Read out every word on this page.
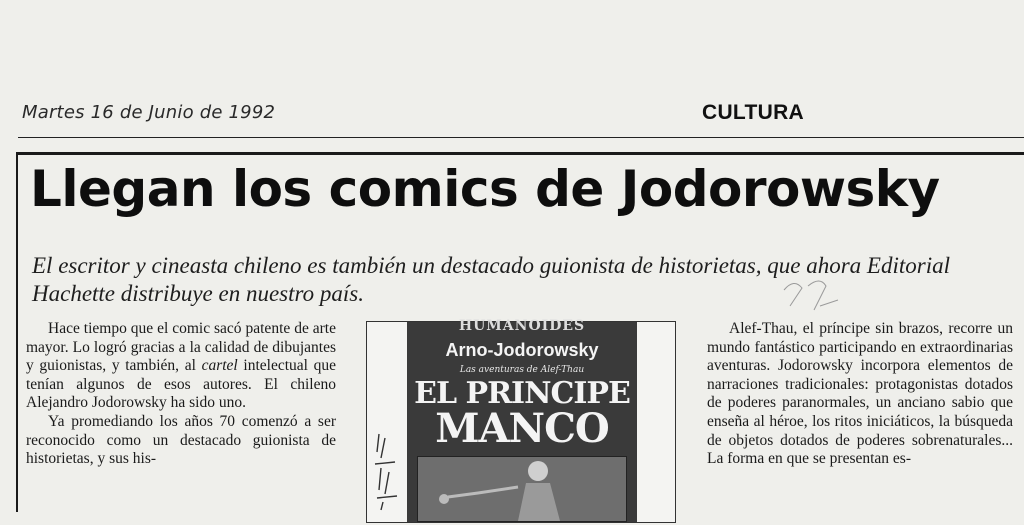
Martes 16 de Junio de 1992	CULTURA
Llegan los comics de Jodorowsky
El escritor y cineasta chileno es también un destacado guionista de historietas, que ahora Editorial Hachette distribuye en nuestro país.

Hace tiempo que el comic sacó patente de arte mayor. Lo logró gracias a la calidad de dibujantes y guionistas, y también, al cartel intelectual que tenían algunos de esos autores. El chileno Alejandro Jodorowsky ha sido uno.

Ya promediando los años 70 comenzó a ser reconocido como un destacado guionista de historietas, y sus his-

HUMANOIDES
Arno-Jodorowsky
Las aventuras de Alef-Thau
EL PRINCIPE
MANCO

Alef-Thau, el príncipe sin brazos, recorre un mundo fantástico participando en extraordinarias aventuras. Jodorowsky incorpora elementos de narraciones tradicionales: protagonistas dotados de poderes paranormales, un anciano sabio que enseña al héroe, los ritos iniciáticos, la búsqueda de objetos dotados de poderes sobrenaturales... La forma en que se presentan es-
